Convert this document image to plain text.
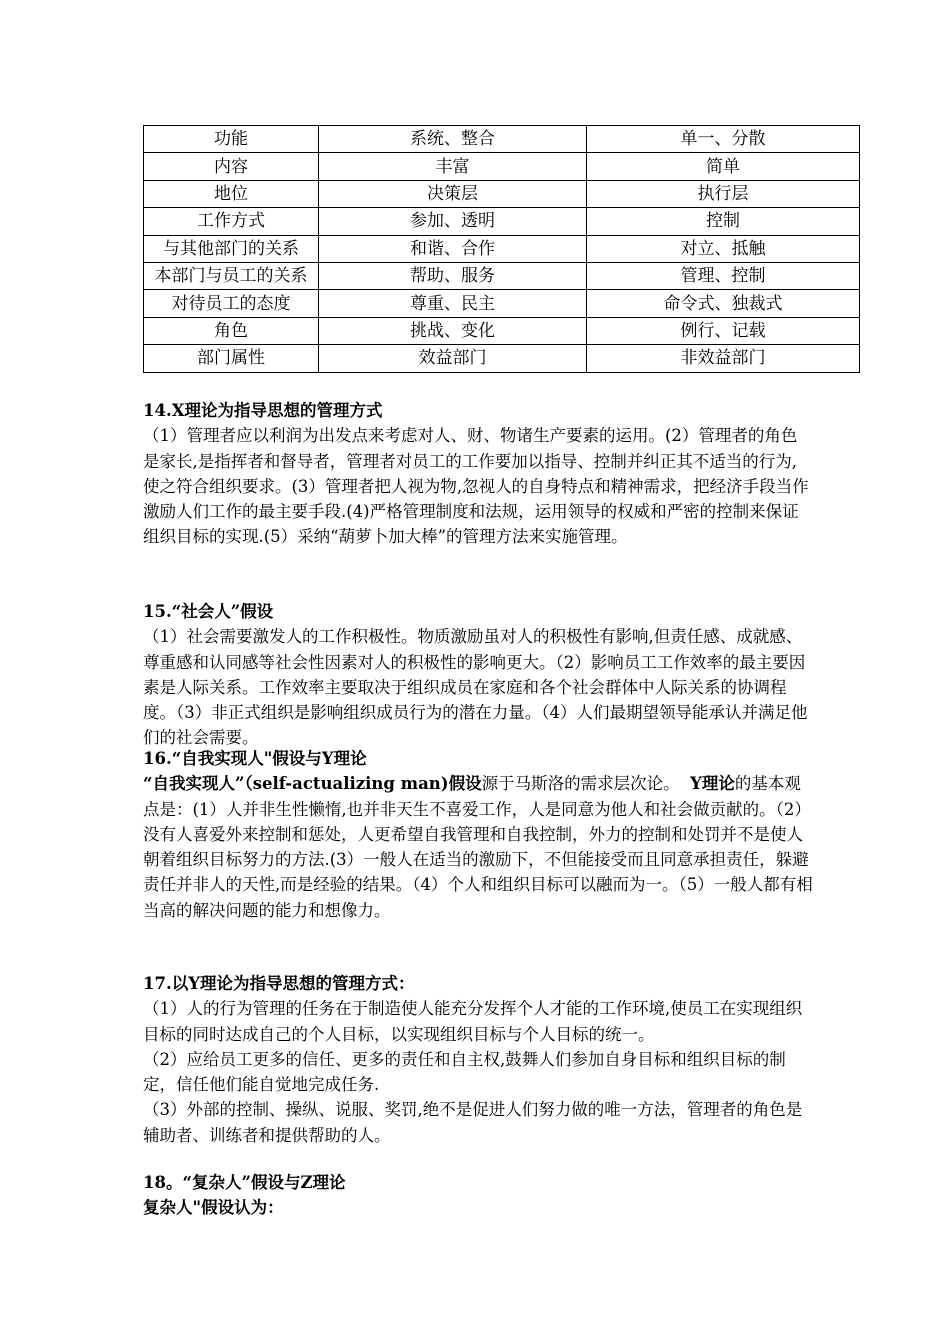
功能	系统、整合	单一、分散
内容	丰富	简单
地位	决策层	执行层
工作方式	参加、透明	控制
与其他部门的关系	和谐、合作	对立、抵触
本部门与员工的关系	帮助、服务	管理、控制
对待员工的态度	尊重、民主	命令式、独裁式
角色	挑战、变化	例行、记载
部门属性	效益部门	非效益部门
14.X理论为指导思想的管理方式
（1）管理者应以利润为出发点来考虑对人、财、物诸生产要素的运用。(2）管理者的角色是家长,是指挥者和督导者，管理者对员工的工作要加以指导、控制并纠正其不适当的行为,使之符合组织要求。(3）管理者把人视为物,忽视人的自身特点和精神需求，把经济手段当作激励人们工作的最主要手段.(4)严格管理制度和法规，运用领导的权威和严密的控制来保证组织目标的实现.(5）采纳“葫萝卜加大棒”的管理方法来实施管理。
15.“社会人”假设
（1）社会需要激发人的工作积极性。物质激励虽对人的积极性有影响,但责任感、成就感、尊重感和认同感等社会性因素对人的积极性的影响更大。（2）影响员工工作效率的最主要因素是人际关系。工作效率主要取决于组织成员在家庭和各个社会群体中人际关系的协调程度。（3）非正式组织是影响组织成员行为的潜在力量。（4）人们最期望领导能承认并满足他们的社会需要。
16.“自我实现人"假设与Y理论
“自我实现人”（self-actualizing man)假设源于马斯洛的需求层次论。 Y理论的基本观点是：(1）人并非生性懒惰,也并非天生不喜爱工作，人是同意为他人和社会做贡献的。（2）没有人喜爱外来控制和惩处，人更希望自我管理和自我控制，外力的控制和处罚并不是使人朝着组织目标努力的方法.(3）一般人在适当的激励下，不但能接受而且同意承担责任，躲避责任并非人的天性,而是经验的结果。（4）个人和组织目标可以融而为一。（5）一般人都有相当高的解决问题的能力和想像力。
17.以Y理论为指导思想的管理方式：
（1）人的行为管理的任务在于制造使人能充分发挥个人才能的工作环境,使员工在实现组织目标的同时达成自己的个人目标，以实现组织目标与个人目标的统一。
（2）应给员工更多的信任、更多的责任和自主权,鼓舞人们参加自身目标和组织目标的制定，信任他们能自觉地完成任务.
（3）外部的控制、操纵、说服、奖罚,绝不是促进人们努力做的唯一方法，管理者的角色是辅助者、训练者和提供帮助的人。
18。“复杂人”假设与Z理论
复杂人"假设认为：
